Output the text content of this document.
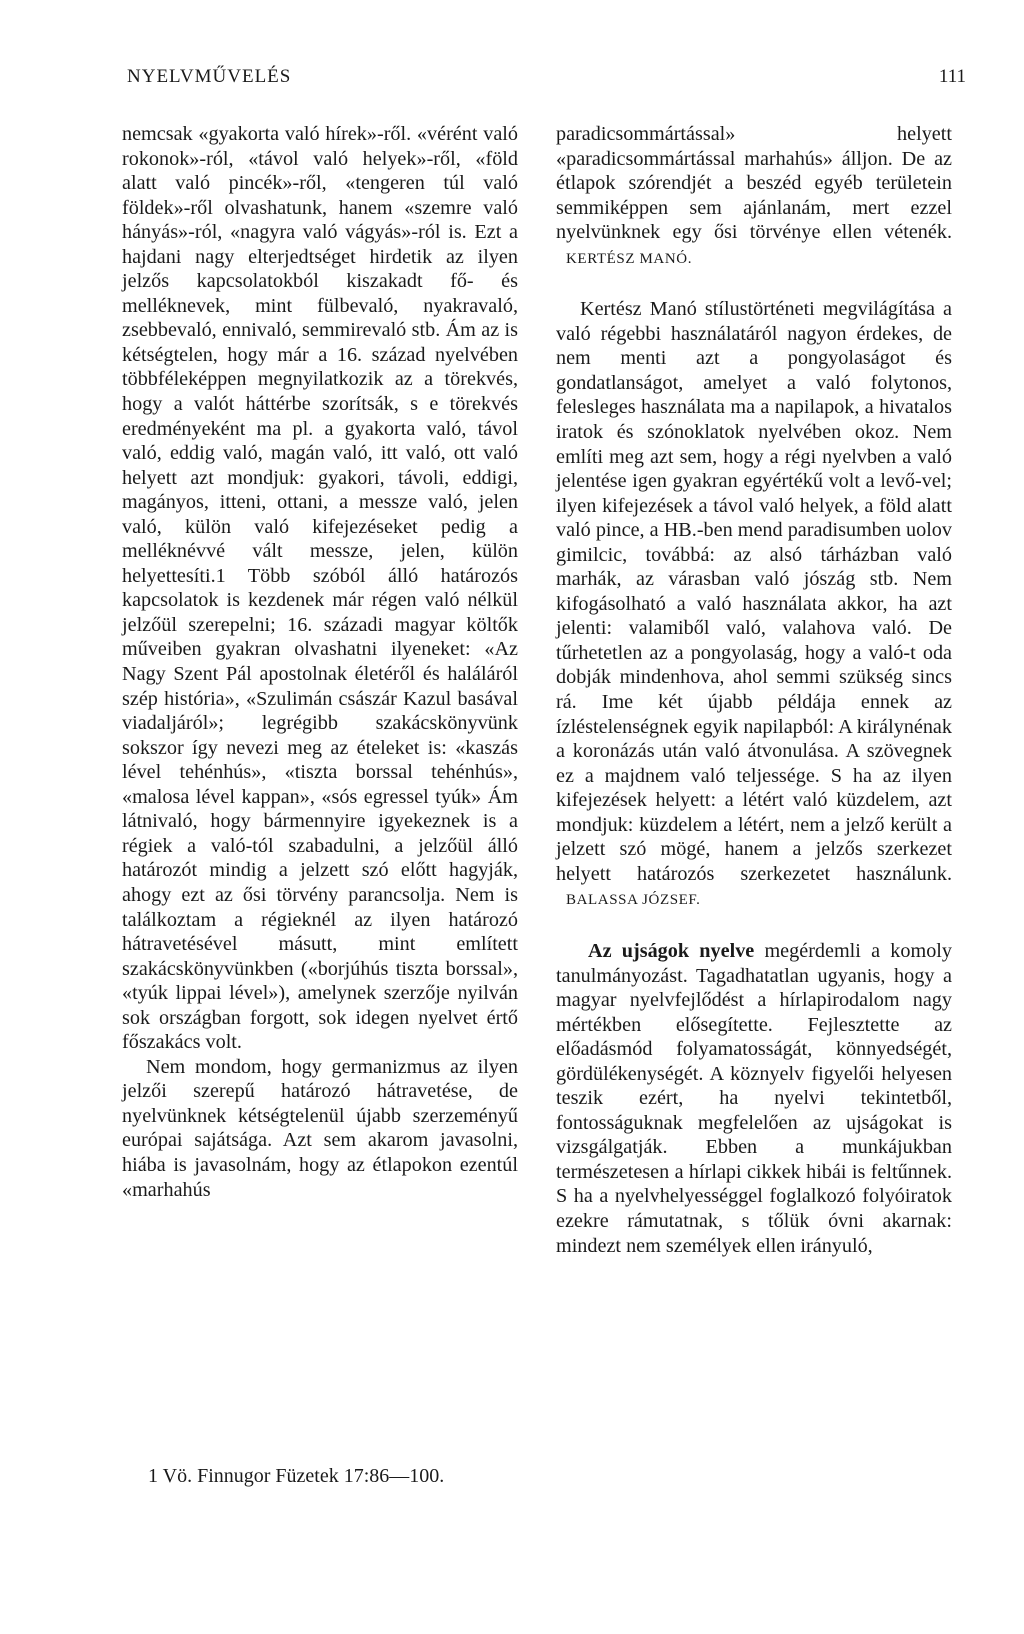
NYELVMŰVELÉS	111

nemcsak «gyakorta való hírek»-ről. «vérént való rokonok»-ról, «távol való helyek»-ről, «föld alatt való pincék»-ről, «tengeren túl való földek»-ről olvashatunk, hanem «szemre való hányás»-ról, «nagyra való vágyás»-ról is. Ezt a hajdani nagy elterjedtséget hirdetik az ilyen jelzős kapcsolatokból kiszakadt fő- és melléknevek, mint fülbevaló, nyakravaló, zsebbevaló, ennivaló, semmirevaló stb. Ám az is kétségtelen, hogy már a 16. század nyelvében többféleképpen megnyilatkozik az a törekvés, hogy a valót háttérbe szorítsák, s e törekvés eredményeként ma pl. a gyakorta való, távol való, eddig való, magán való, itt való, ott való helyett azt mondjuk: gyakori, távoli, eddigi, magányos, itteni, ottani, a messze való, jelen való, külön való kifejezéseket pedig a melléknévvé vált messze, jelen, külön helyettesíti.1 Több szóból álló határozós kapcsolatok is kezdenek már régen való nélkül jelzőül szerepelni; 16. századi magyar költők műveiben gyakran olvashatni ilyeneket: «Az Nagy Szent Pál apostolnak életéről és haláláról szép história», «Szulimán császár Kazul basával viadaljáról»; legrégibb szakácskönyvünk sokszor így nevezi meg az ételeket is: «kaszás lével tehénhús», «tiszta borssal tehénhús», «malosa lével kappan», «sós egressel tyúk» Ám látnivaló, hogy bármennyire igyekeznek is a régiek a való-tól szabadulni, a jelzőül álló határozót mindig a jelzett szó előtt hagyják, ahogy ezt az ősi törvény parancsolja. Nem is találkoztam a régieknél az ilyen határozó hátravetésével másutt, mint említett szakácskönyvünkben («borjúhús tiszta borssal», «tyúk lippai lével»), amelynek szerzője nyilván sok országban forgott, sok idegen nyelvet értő főszakács volt.

Nem mondom, hogy germanizmus az ilyen jelzői szerepű határozó hátravetése, de nyelvünknek kétségtelenül újabb szerzeményű európai sajátsága. Azt sem akarom javasolni, hiába is javasolnám, hogy az étlapokon ezentúl «marhahús

1 Vö. Finnugor Füzetek 17:86—100.

paradicsommártással» helyett «paradicsommártással marhahús» álljon. De az étlapok szórendjét a beszéd egyéb területein semmiképpen sem ajánlanám, mert ezzel nyelvünknek egy ősi törvénye ellen vétenék. KERTÉSZ MANÓ.

Kertész Manó stílustörténeti megvilágítása a való régebbi használatáról nagyon érdekes, de nem menti azt a pongyolaságot és gondatlanságot, amelyet a való folytonos, felesleges használata ma a napilapok, a hivatalos iratok és szónoklatok nyelvében okoz. Nem említi meg azt sem, hogy a régi nyelvben a való jelentése igen gyakran egyértékű volt a levő-vel; ilyen kifejezések a távol való helyek, a föld alatt való pince, a HB.-ben mend paradisumben uolov gimilcic, továbbá: az alsó tárházban való marhák, az várasban való jószág stb. Nem kifogásolható a való használata akkor, ha azt jelenti: valamiből való, valahova való. De tűrhetetlen az a pongyolaság, hogy a való-t oda dobják mindenhova, ahol semmi szükség sincs rá. Ime két újabb példája ennek az ízléstelenségnek egyik napilapból: A királynénak a koronázás után való átvonulása. A szövegnek ez a majdnem való teljessége. S ha az ilyen kifejezések helyett: a létért való küzdelem, azt mondjuk: küzdelem a létért, nem a jelző került a jelzett szó mögé, hanem a jelzős szerkezet helyett határozós szerkezetet használunk. BALASSA JÓZSEF.

Az ujságok nyelve megérdemli a komoly tanulmányozást. Tagadhatatlan ugyanis, hogy a magyar nyelvfejlődést a hírlapirodalom nagy mértékben elősegítette. Fejlesztette az előadásmód folyamatosságát, könnyedségét, gördülékenységét. A köznyelv figyelői helyesen teszik ezért, ha nyelvi tekintetből, fontosságuknak megfelelően az ujságokat is vizsgálgatják. Ebben a munkájukban természetesen a hírlapi cikkek hibái is feltűnnek. S ha a nyelvhelyességgel foglalkozó folyóiratok ezekre rámutatnak, s tőlük óvni akarnak: mindezt nem személyek ellen irányuló,
